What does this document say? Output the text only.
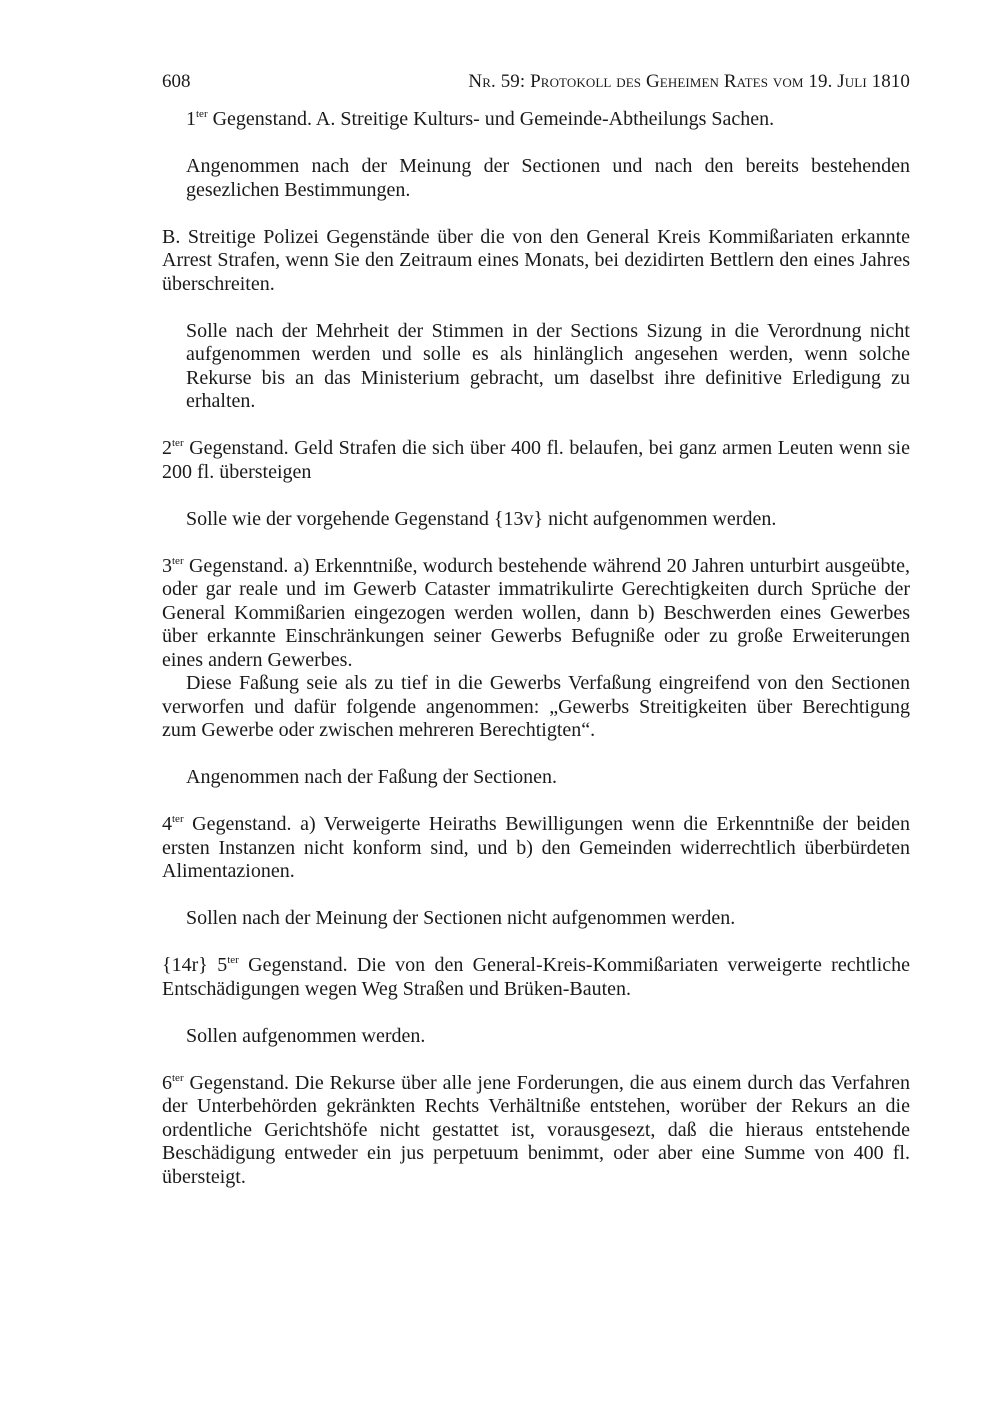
608	Nr. 59: Protokoll des Geheimen Rates vom 19. Juli 1810

$1^{ter}$ Gegenstand. A. Streitige Kulturs- und Gemeinde-Abtheilungs Sachen.

Angenommen nach der Meinung der Sectionen und nach den bereits bestehenden gesezlichen Bestimmungen.

B. Streitige Polizei Gegenstände über die von den General Kreis Kommißariaten erkannte Arrest Strafen, wenn Sie den Zeitraum eines Monats, bei dezidirten Bettlern den eines Jahres überschreiten.

Solle nach der Mehrheit der Stimmen in der Sections Sizung in die Verordnung nicht aufgenommen werden und solle es als hinlänglich angesehen werden, wenn solche Rekurse bis an das Ministerium gebracht, um daselbst ihre definitive Erledigung zu erhalten.

$2^{ter}$ Gegenstand. Geld Strafen die sich über 400 fl. belaufen, bei ganz armen Leuten wenn sie 200 fl. übersteigen

Solle wie der vorgehende Gegenstand {13v} nicht aufgenommen werden.

$3^{ter}$ Gegenstand. a) Erkenntniße, wodurch bestehende während 20 Jahren unturbirt ausgeübte, oder gar reale und im Gewerb Cataster immatrikulirte Gerechtigkeiten durch Sprüche der General Kommißarien eingezogen werden wollen, dann b) Beschwerden eines Gewerbes über erkannte Einschränkungen seiner Gewerbs Befugniße oder zu große Erweiterungen eines andern Gewerbes.

Diese Faßung seie als zu tief in die Gewerbs Verfaßung eingreifend von den Sectionen verworfen und dafür folgende angenommen: „Gewerbs Streitigkeiten über Berechtigung zum Gewerbe oder zwischen mehreren Berechtigten“.

Angenommen nach der Faßung der Sectionen.

$4^{ter}$ Gegenstand. a) Verweigerte Heiraths Bewilligungen wenn die Erkenntniße der beiden ersten Instanzen nicht konform sind, und b) den Gemeinden widerrechtlich überbürdeten Alimentazionen.

Sollen nach der Meinung der Sectionen nicht aufgenommen werden.

{14r} $5^{ter}$ Gegenstand. Die von den General-Kreis-Kommißariaten verweigerte rechtliche Entschädigungen wegen Weg Straßen und Brüken-Bauten.

Sollen aufgenommen werden.

$6^{ter}$ Gegenstand. Die Rekurse über alle jene Forderungen, die aus einem durch das Verfahren der Unterbehörden gekränkten Rechts Verhältniße entstehen, worüber der Rekurs an die ordentliche Gerichtshöfe nicht gestattet ist, vorausgesezt, daß die hieraus entstehende Beschädigung entweder ein jus perpetuum benimmt, oder aber eine Summe von 400 fl. übersteigt.
